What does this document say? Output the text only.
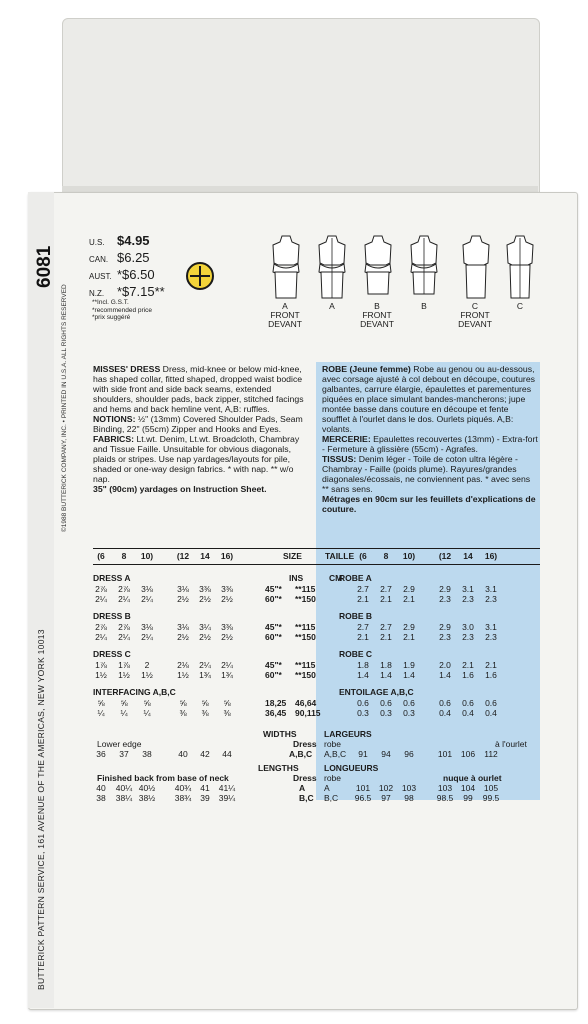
BUTTERICK PATTERN SERVICE, 161 AVENUE OF THE AMERICAS, NEW YORK 10013
©1988 BUTTERICK COMPANY, INC. • PRINTED IN U.S.A. ALL RIGHTS RESERVED
6081
U.S. $4.95
CAN. $6.25
AUST. *$6.50
N.Z. *$7.15**
**Incl. G.S.T.
*recommended price
*prix suggéré
A
FRONT
DEVANT
A	B
FRONT
DEVANT
B	C
FRONT
DEVANT
C

MISSES' DRESS Dress, mid-knee or below mid-knee, has shaped collar, fitted shaped, dropped waist bodice with side front and side back seams, extended shoulders, shoulder pads, back zipper, stitched facings and hems and back hemline vent, A,B: ruffles.

NOTIONS: ½" (13mm) Covered Shoulder Pads, Seam Binding, 22" (55cm) Zipper and Hooks and Eyes.

FABRICS: Lt.wt. Denim, Lt.wt. Broadcloth, Chambray and Tissue Faille. Unsuitable for obvious diagonals, plaids or stripes. Use nap yardages/layouts for pile, shaded or one-way design fabrics. * with nap. ** w/o nap.

35" (90cm) yardages on Instruction Sheet.

ROBE (Jeune femme) Robe au genou ou au-dessous, avec corsage ajusté à col debout en découpe, coutures galbantes, carrure élargie, épaulettes et parementures piquées en place simulant bandes-mancherons; jupe montée basse dans couture en découpe et fente soufflet à l'ourlet dans le dos. Ourlets piqués. A,B: volants.

MERCERIE: Epaulettes recouvertes (13mm) - Extra-fort - Fermeture à glissière (55cm) - Agrafes.

TISSUS: Denim léger - Toile de coton ultra légère - Chambray - Faille (poids plume). Rayures/grandes diagonales/écossais, ne conviennent pas. * avec sens ** sans sens.

Métrages en 90cm sur les feuillets d'explications de couture.

(6	8	10)	(12	14	16)	SIZE	TAILLE (6	8	10)	(12	14	16)
INS	CM
DRESS A	ROBE A
2⅞	2⅞	3⅛	3⅛	3⅜	3⅜	45"* **115	2.7	2.7	2.9	2.9	3.1	3.1
2¼	2¼	2¼	2½	2½	2½	60"* **150	2.1	2.1	2.1	2.3	2.3	2.3
DRESS B	ROBE B
2⅞	2⅞	3⅛	3⅛	3¼	3⅜	45"* **115	2.7	2.7	2.9	2.9	3.0	3.1
2¼	2¼	2¼	2½	2½	2½	60"* **150	2.1	2.1	2.1	2.3	2.3	2.3
DRESS C	ROBE C
1⅞	1⅞	2	2⅛	2¼	2¼	45"* **115	1.8	1.8	1.9	2.0	2.1	2.1
1½	1½	1½	1½	1¾	1¾	60"* **150	1.4	1.4	1.4	1.4	1.6	1.6
INTERFACING A,B,C	ENTOILAGE A,B,C
⅝	⅝	⅝	⅝	⅝	⅝	18,25 46,64	0.6	0.6	0.6	0.6	0.6	0.6
¼	¼	¼	⅜	⅜	⅜	36,45 90,115	0.3	0.3	0.3	0.4	0.4	0.4
WIDTHS	LARGEURS
Lower edge	Dress robe	à l'ourlet
36	37	38	40	42	44	A,B,C A,B,C	91	94	96	101	106	112
LENGTHS	LONGUEURS
Finished back from base of neck	Dress robe	nuque à ourlet
40	40¼ 40½ 40¾	41	41¼	A A	101	102	103	103	104	105
38	38¼ 38½ 38¾	39	39¼	B,C B,C 96.5	97	98	98.5	99	99.5
